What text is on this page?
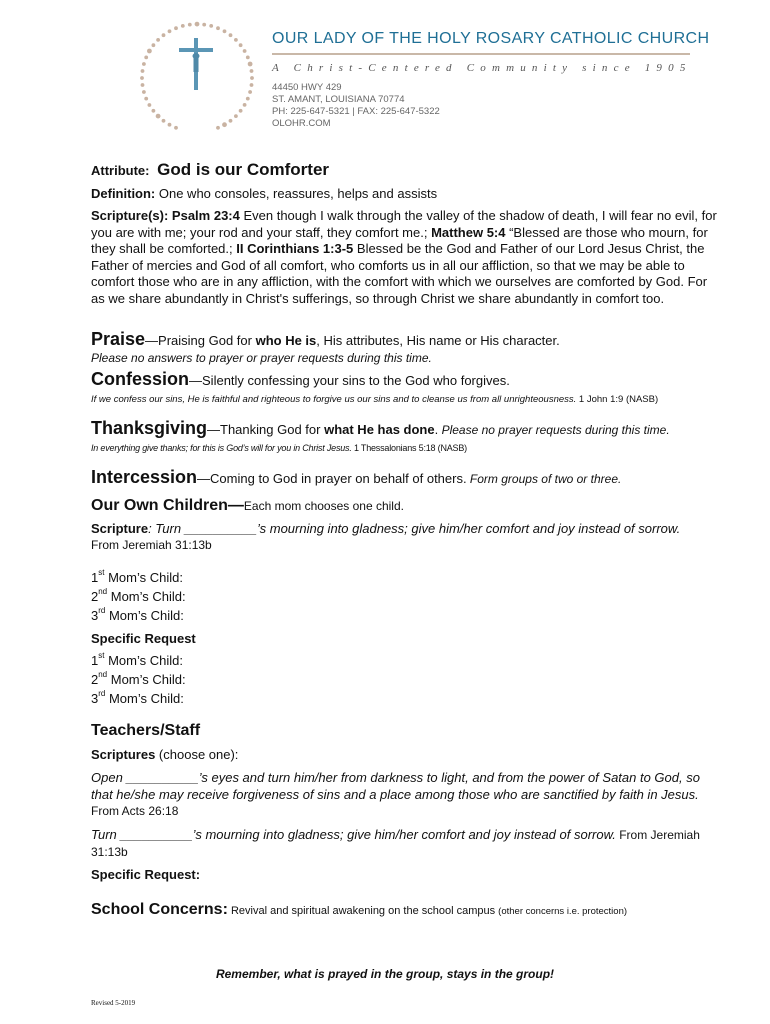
OUR LADY OF THE HOLY ROSARY CATHOLIC CHURCH
A Christ-Centered Community since 1905
44450 HWY 429
ST. AMANT, LOUISIANA 70774
PH: 225-647-5321 | FAX: 225-647-5322
OLOHR.COM
Attribute: God is our Comforter
Definition: One who consoles, reassures, helps and assists
Scripture(s): Psalm 23:4 Even though I walk through the valley of the shadow of death, I will fear no evil, for you are with me; your rod and your staff, they comfort me.; Matthew 5:4 “Blessed are those who mourn, for they shall be comforted.; II Corinthians 1:3-5 Blessed be the God and Father of our Lord Jesus Christ, the Father of mercies and God of all comfort, who comforts us in all our affliction, so that we may be able to comfort those who are in any affliction, with the comfort with which we ourselves are comforted by God. For as we share abundantly in Christ's sufferings, so through Christ we share abundantly in comfort too.
Praise—Praising God for who He is, His attributes, His name or His character.
Please no answers to prayer or prayer requests during this time.
Confession—Silently confessing your sins to the God who forgives.
If we confess our sins, He is faithful and righteous to forgive us our sins and to cleanse us from all unrighteousness. 1 John 1:9 (NASB)
Thanksgiving—Thanking God for what He has done. Please no prayer requests during this time.
In everything give thanks; for this is God’s will for you in Christ Jesus. 1 Thessalonians 5:18 (NASB)
Intercession—Coming to God in prayer on behalf of others. Form groups of two or three.
Our Own Children—Each mom chooses one child.
Scripture: Turn __________’s mourning into gladness; give him/her comfort and joy instead of sorrow.
From Jeremiah 31:13b
1st Mom’s Child:
2nd Mom’s Child:
3rd Mom’s Child:
Specific Request
1st Mom’s Child:
2nd Mom’s Child:
3rd Mom’s Child:
Teachers/Staff
Scriptures (choose one):
Open __________’s eyes and turn him/her from darkness to light, and from the power of Satan to God, so that he/she may receive forgiveness of sins and a place among those who are sanctified by faith in Jesus. From Acts 26:18
Turn __________’s mourning into gladness; give him/her comfort and joy instead of sorrow. From Jeremiah 31:13b
Specific Request:
School Concerns: Revival and spiritual awakening on the school campus (other concerns i.e. protection)
Remember, what is prayed in the group, stays in the group!
Revised 5-2019
